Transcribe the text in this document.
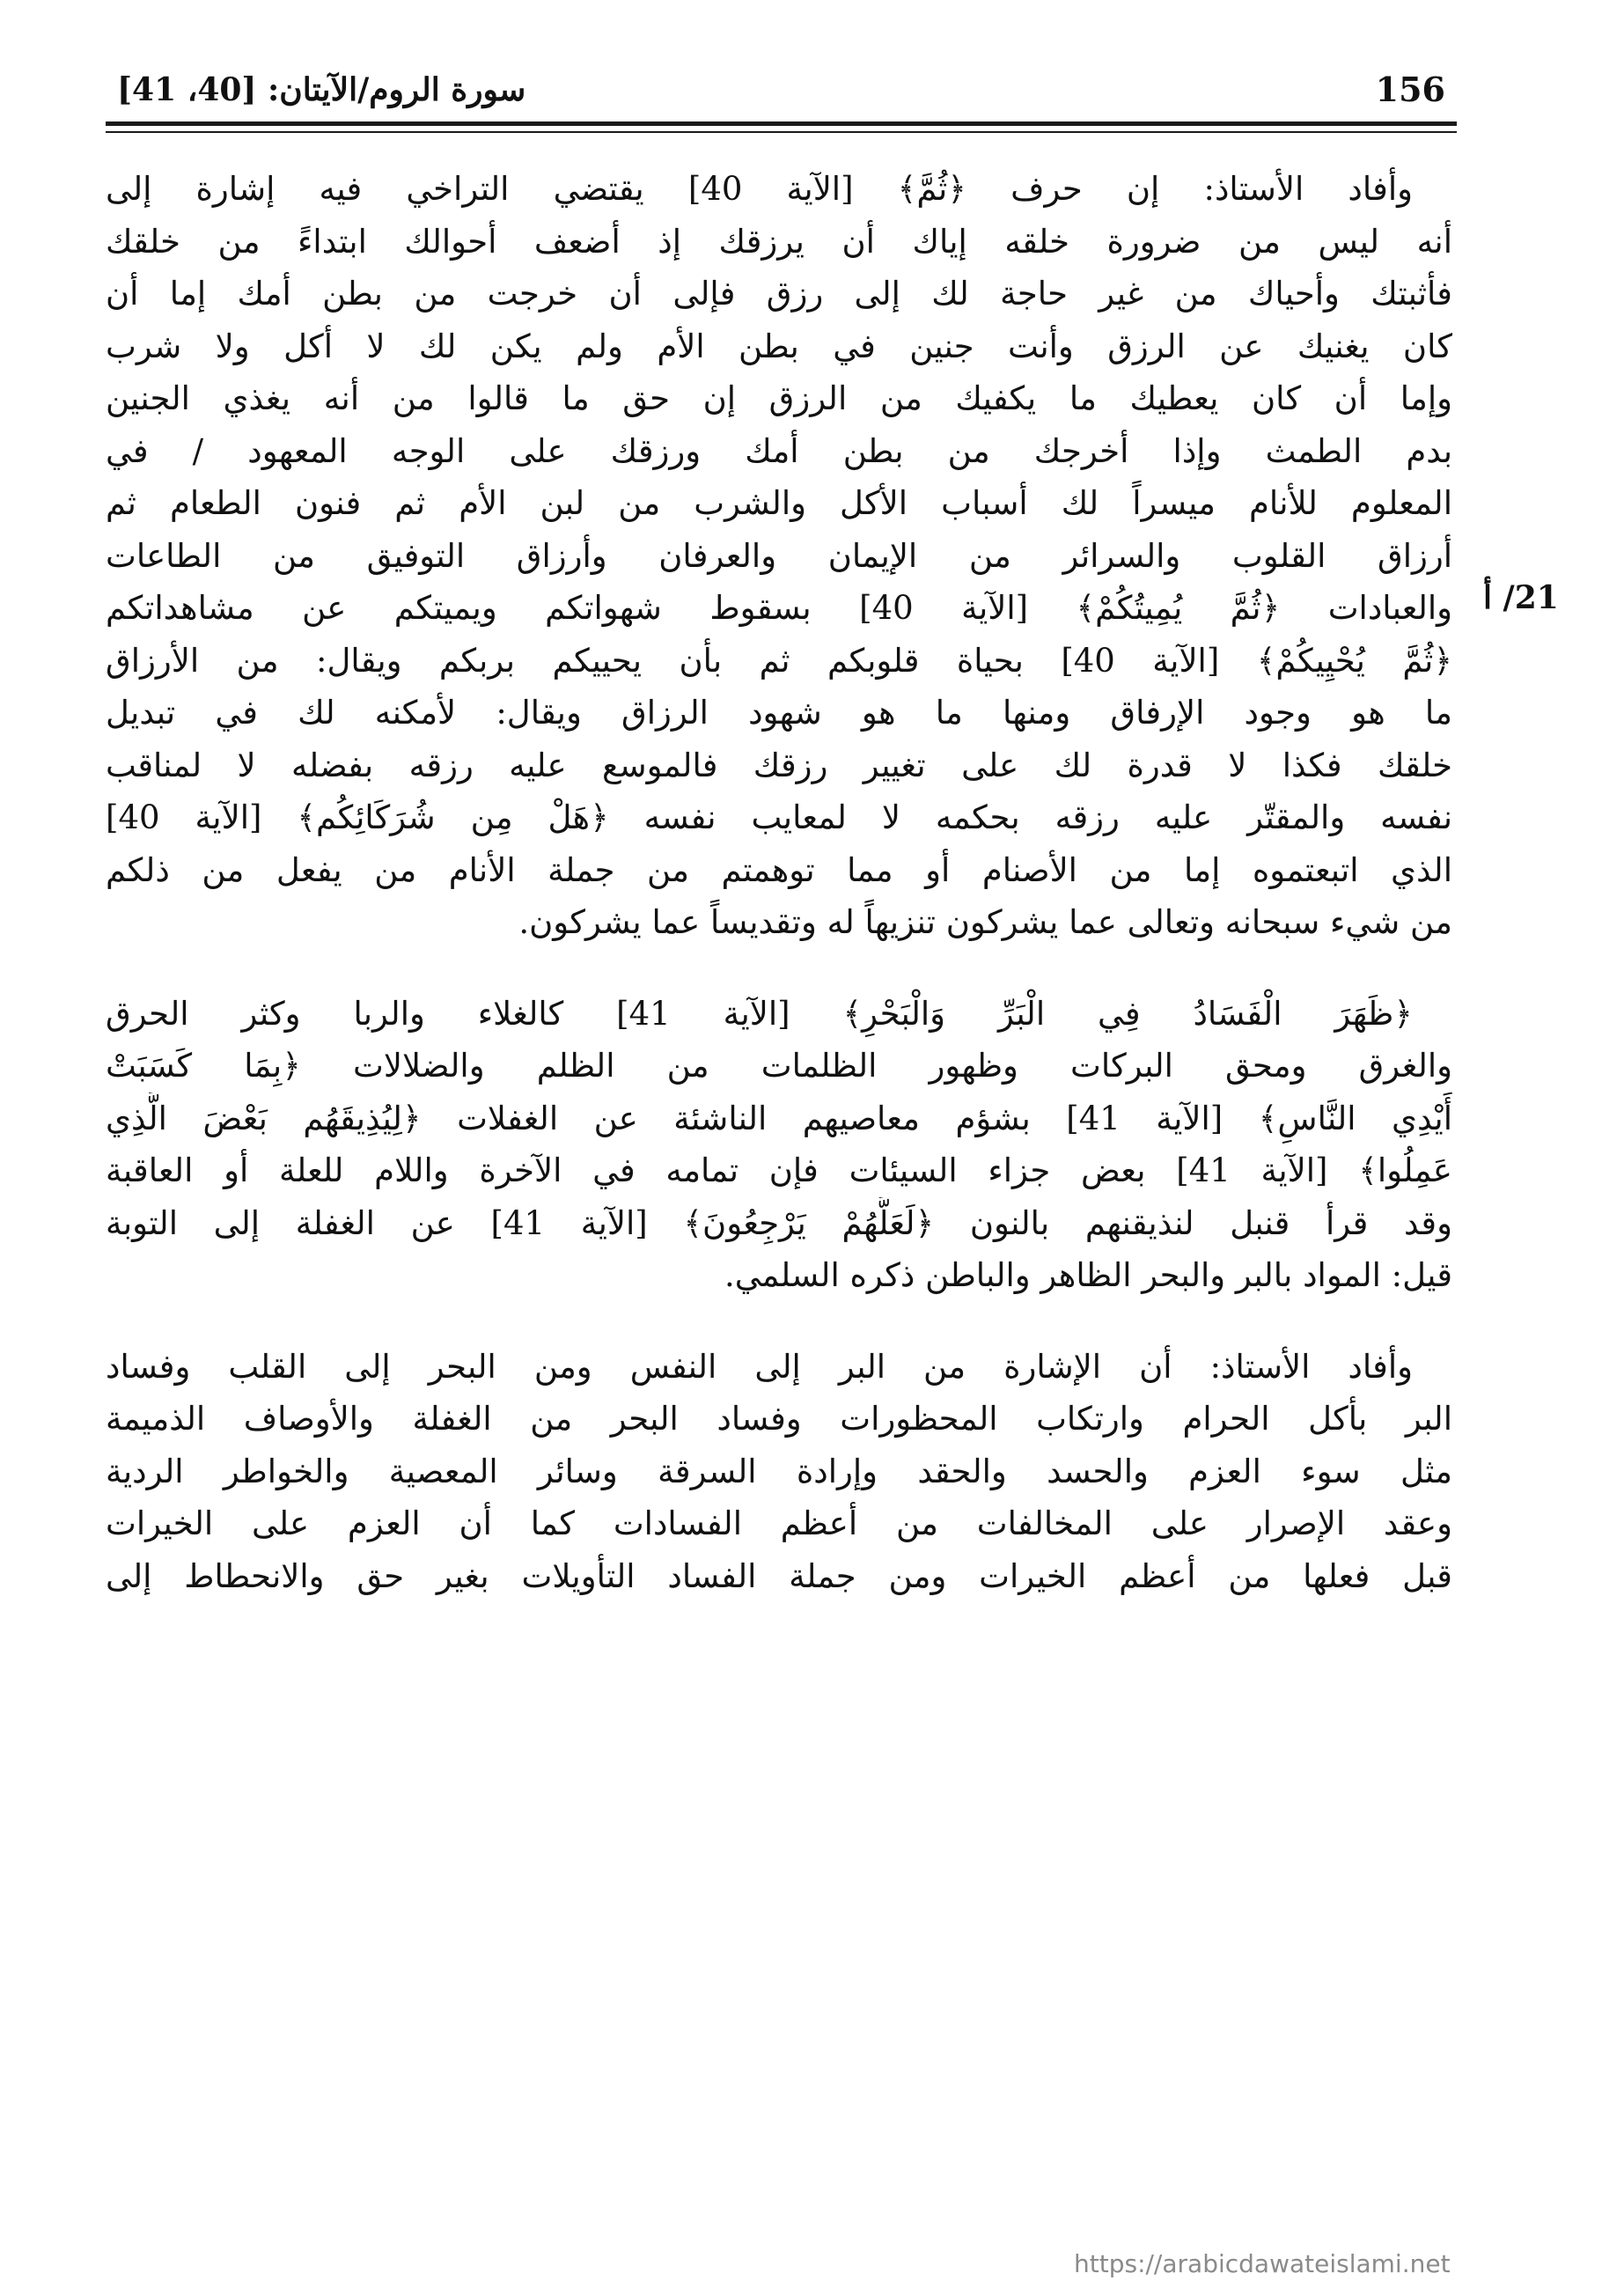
156
سورة الروم/الآيتان: [40، 41]
21/ أ
وأفاد الأستاذ: إن حرف ﴿ثُمَّ﴾ [الآية 40] يقتضي التراخي فيه إشارة إلى
أنه ليس من ضرورة خلقه إياك أن يرزقك إذ أضعف أحوالك ابتداءً من خلقك
فأثبتك وأحياك من غير حاجة لك إلى رزق فإلى أن خرجت من بطن أمك إما أن
كان يغنيك عن الرزق وأنت جنين في بطن الأم ولم يكن لك لا أكل ولا شرب
وإما أن كان يعطيك ما يكفيك من الرزق إن حق ما قالوا من أنه يغذي الجنين
بدم الطمث وإذا أخرجك من بطن أمك ورزقك على الوجه المعهود / في
المعلوم للأنام ميسراً لك أسباب الأكل والشرب من لبن الأم ثم فنون الطعام ثم
أرزاق القلوب والسرائر من الإيمان والعرفان وأرزاق التوفيق من الطاعات
والعبادات ﴿ثُمَّ يُمِيتُكُمْ﴾ [الآية 40] بسقوط شهواتكم ويميتكم عن مشاهداتكم
﴿ثُمَّ يُحْيِيكُمْ﴾ [الآية 40] بحياة قلوبكم ثم بأن يحييكم بربكم ويقال: من الأرزاق
ما هو وجود الإرفاق ومنها ما هو شهود الرزاق ويقال: لأمكنه لك في تبديل
خلقك فكذا لا قدرة لك على تغيير رزقك فالموسع عليه رزقه بفضله لا لمناقب
نفسه والمقتّر عليه رزقه بحكمه لا لمعايب نفسه ﴿هَلْ مِن شُرَكَائِكُم﴾ [الآية 40]
الذي اتبعتموه إما من الأصنام أو مما توهمتم من جملة الأنام من يفعل من ذلكم
من شيء سبحانه وتعالى عما يشركون تنزيهاً له وتقديساً عما يشركون.
﴿ظَهَرَ الْفَسَادُ فِي الْبَرِّ وَالْبَحْرِ﴾ [الآية 41] كالغلاء والربا وكثر الحرق
والغرق ومحق البركات وظهور الظلمات من الظلم والضلالات ﴿بِمَا كَسَبَتْ
أَيْدِي النَّاسِ﴾ [الآية 41] بشؤم معاصيهم الناشئة عن الغفلات ﴿لِيُذِيقَهُم بَعْضَ الَّذِي
عَمِلُوا﴾ [الآية 41] بعض جزاء السيئات فإن تمامه في الآخرة واللام للعلة أو العاقبة
وقد قرأ قنبل لنذيقنهم بالنون ﴿لَعَلَّهُمْ يَرْجِعُونَ﴾ [الآية 41] عن الغفلة إلى التوبة
قيل: المواد بالبر والبحر الظاهر والباطن ذكره السلمي.
وأفاد الأستاذ: أن الإشارة من البر إلى النفس ومن البحر إلى القلب وفساد
البر بأكل الحرام وارتكاب المحظورات وفساد البحر من الغفلة والأوصاف الذميمة
مثل سوء العزم والحسد والحقد وإرادة السرقة وسائر المعصية والخواطر الردية
وعقد الإصرار على المخالفات من أعظم الفسادات كما أن العزم على الخيرات
قبل فعلها من أعظم الخيرات ومن جملة الفساد التأويلات بغير حق والانحطاط إلى
https://arabicdawateislami.net
